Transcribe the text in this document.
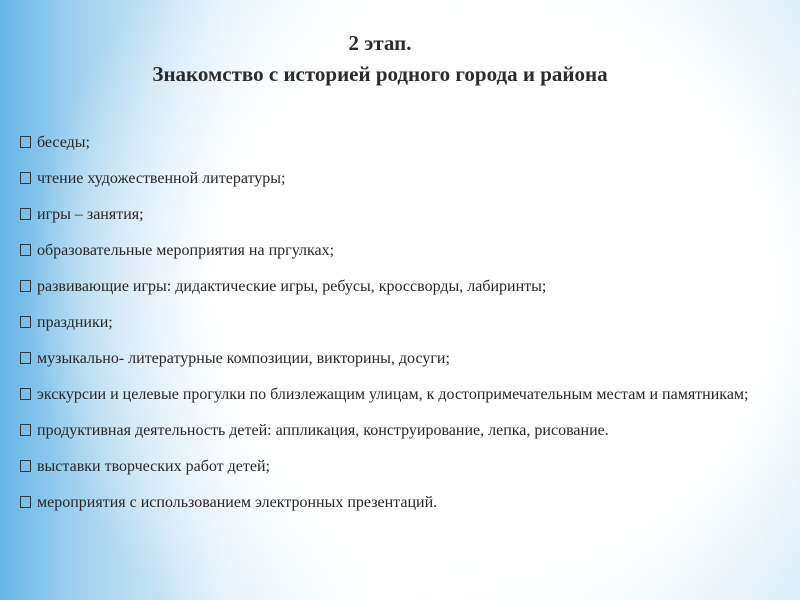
2 этап.
Знакомство с историей родного города и района
беседы;
чтение художественной литературы;
игры – занятия;
образовательные мероприятия на пргулках;
развивающие игры: дидактические игры, ребусы, кроссворды, лабиринты;
праздники;
музыкально- литературные композиции, викторины, досуги;
экскурсии и целевые прогулки по близлежащим улицам, к достопримечательным местам и памятникам;
продуктивная деятельность детей: аппликация, конструирование, лепка, рисование.
выставки творческих работ детей;
мероприятия с использованием электронных презентаций.
